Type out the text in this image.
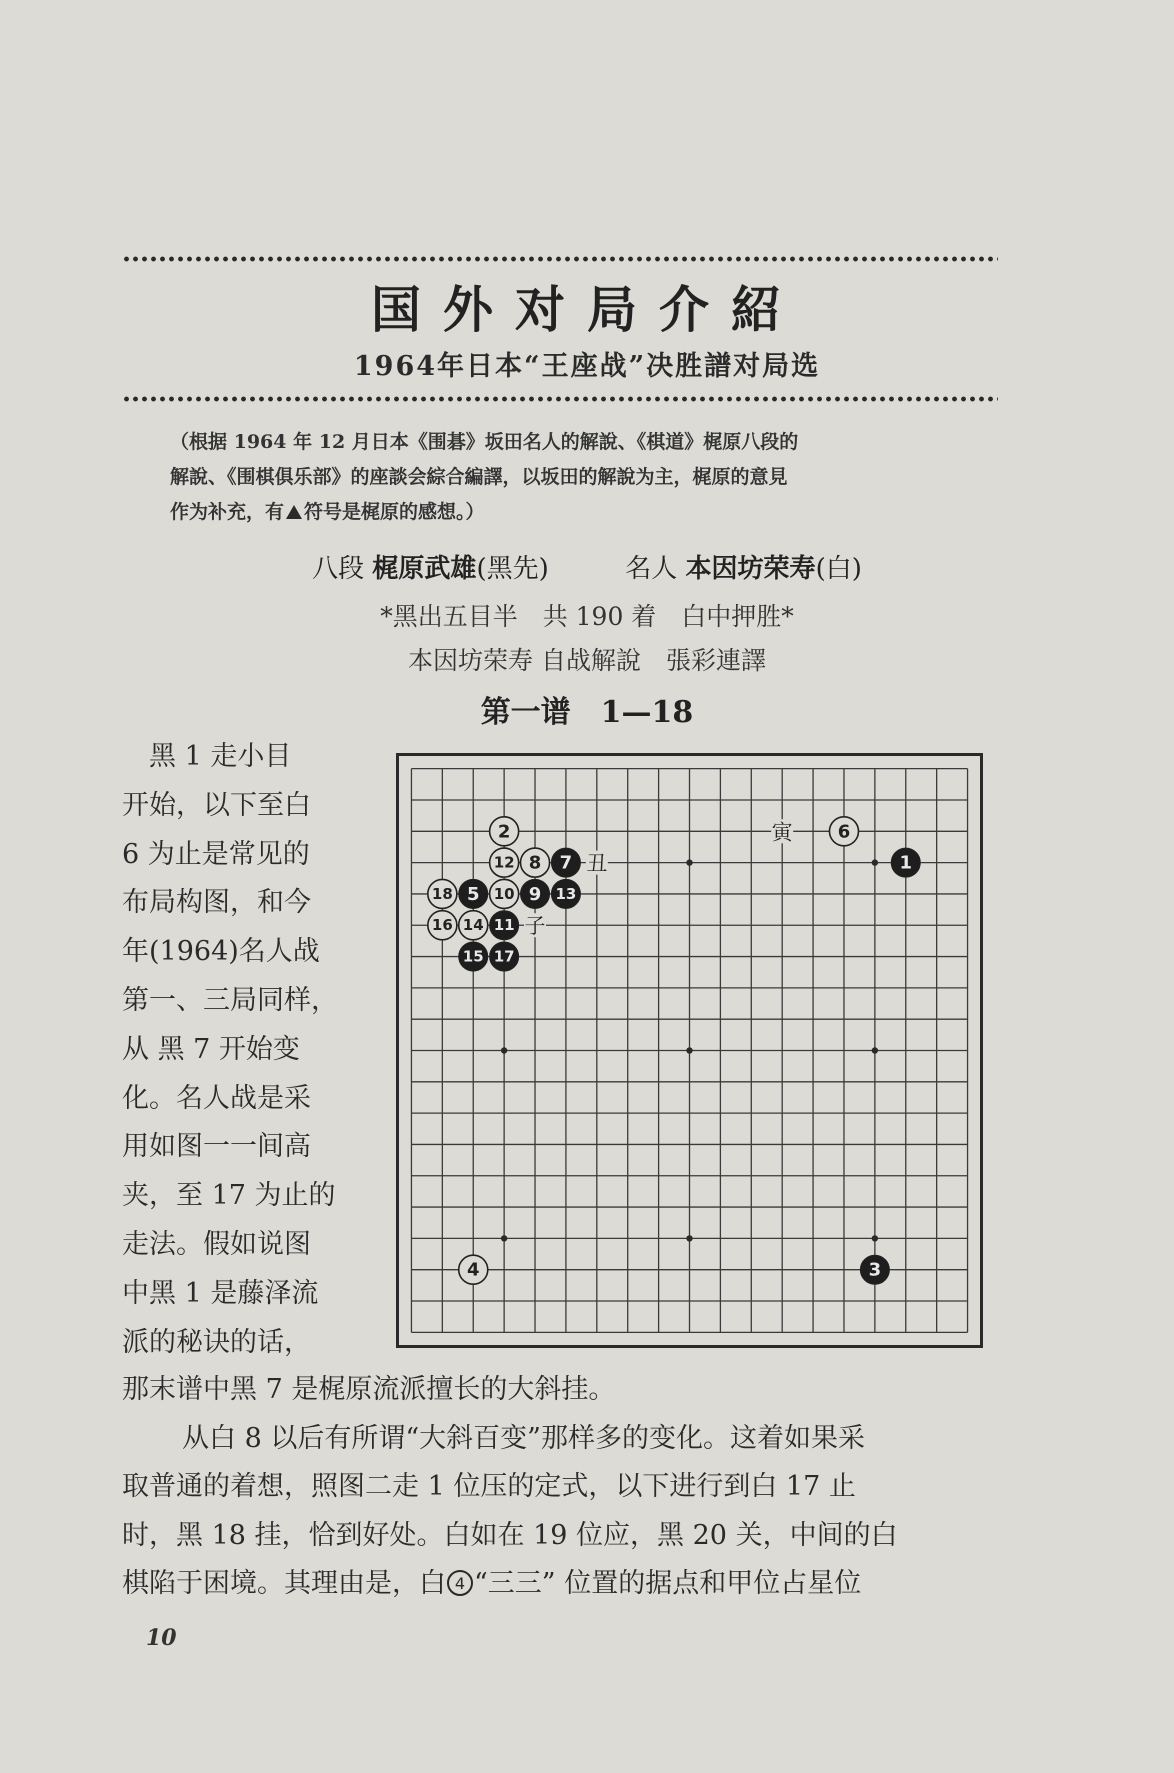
国外对局介紹
1964年日本“王座战”决胜譜对局选
（根据 1964 年 12 月日本《围碁》坂田名人的解說、《棋道》梶原八段的
解說、《围棋俱乐部》的座談会綜合編譯，以坂田的解說为主，梶原的意見
作为补充，有 符号是梶原的感想。）
八段 梶原武雄(黑先)	名人 本因坊荣寿(白)
*黑出五目半　共 190 着　白中押胜*
本因坊荣寿 自战解說　張彩連譯
第一谱　1—18
　黑 1 走小目
开始，以下至白
6 为止是常见的
布局构图，和今
年(1964)名人战
第一、三局同样，
从 黑 7 开始变
化。名人战是采
用如图一一间高
夹，至 17 为止的
走法。假如说图
中黑 1 是藤泽流
派的秘诀的话，
1
2
3
4
5
6
7
8
9
10
11
12
13
14
15
16
17
18
寅
丑
子
那末谱中黑 7 是梶原流派擅长的大斜挂。
从白 8 以后有所谓“大斜百变”那样多的变化。这着如果采
取普通的着想，照图二走 1 位压的定式，以下进行到白 17 止
时，黑 18 挂，恰到好处。白如在 19 位应，黑 20 关，中间的白
棋陷于困境。其理由是，白 4 “三三” 位置的据点和甲位占星位
10
